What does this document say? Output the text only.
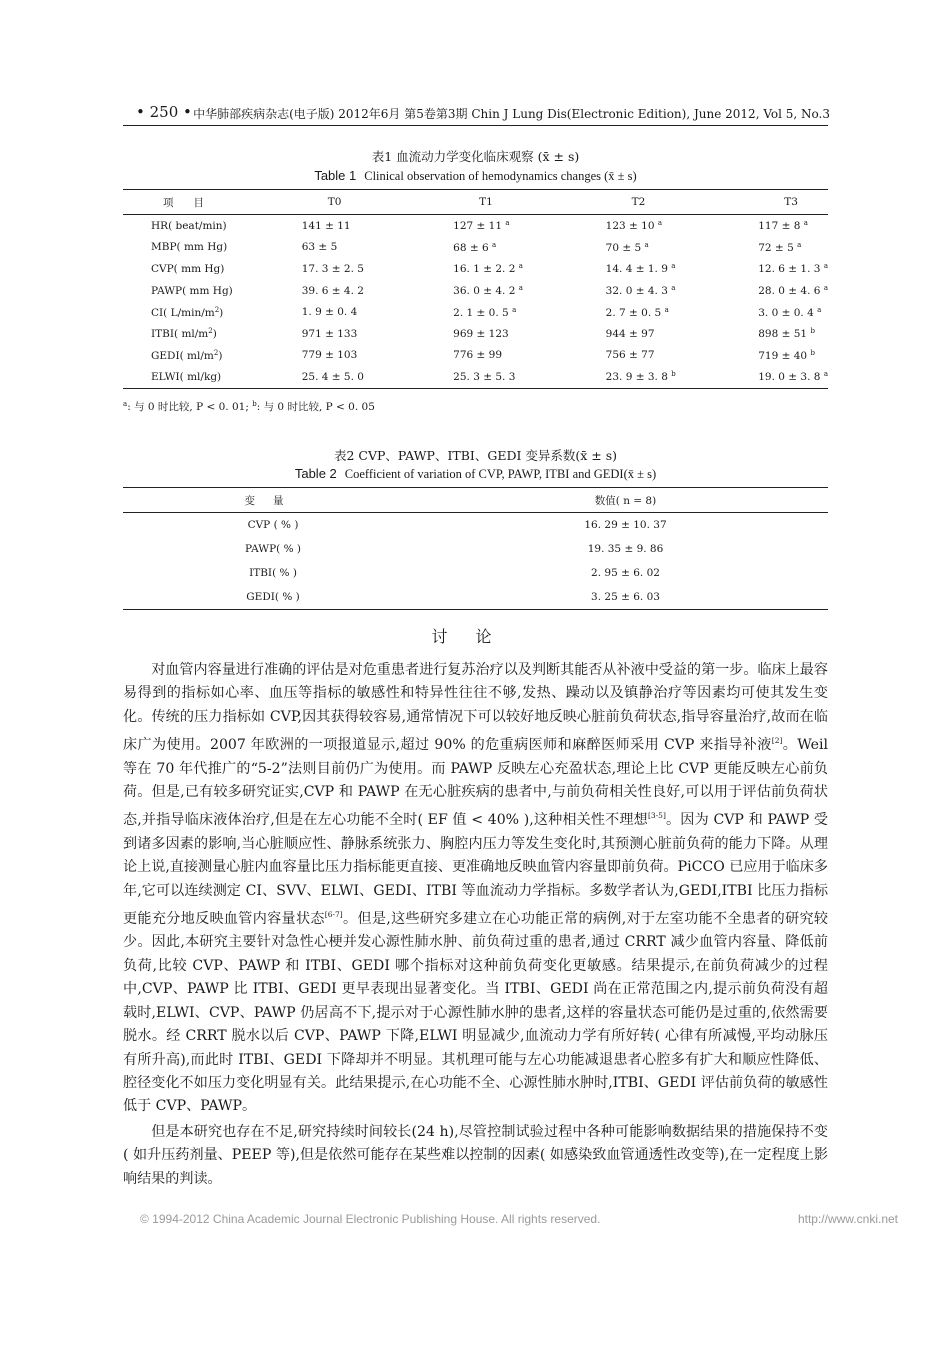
• 250 • 中华肺部疾病杂志(电子版) 2012年6月 第5卷第3期 Chin J Lung Dis(Electronic Edition), June 2012, Vol 5, No.3
表1 血流动力学变化临床观察 (x̄ ± s)
Table 1 Clinical observation of hemodynamics changes (x̄ ± s)
项目	T0	T1	T2	T3
HR( beat/min)	141 ± 11	127 ± 11 $^a$	123 ± 10 $^a$	117 ± 8 $^a$
MBP( mm Hg)	63 ± 5	68 ± 6 $^a$	70 ± 5 $^a$	72 ± 5 $^a$
CVP( mm Hg)	17. 3 ± 2. 5	16. 1 ± 2. 2 $^a$	14. 4 ± 1. 9 $^a$	12. 6 ± 1. 3 $^a$
PAWP( mm Hg)	39. 6 ± 4. 2	36. 0 ± 4. 2 $^a$	32. 0 ± 4. 3 $^a$	28. 0 ± 4. 6 $^a$
CI( $L/\min/m^2$)	1. 9 ± 0. 4	2. 1 ± 0. 5 $^a$	2. 7 ± 0. 5 $^a$	3. 0 ± 0. 4 $^a$
ITBI( $ml/m^2$)	971 ± 133	969 ± 123	944 ± 97	898 ± 51 $^b$
GEDI( $ml/m^2$)	779 ± 103	776 ± 99	756 ± 77	719 ± 40 $^b$
ELWI( ml/kg)	25. 4 ± 5. 0	25. 3 ± 5. 3	23. 9 ± 3. 8 $^b$	19. 0 ± 3. 8 $^a$
$^a$: 与 0 时比较, P < 0. 01; $^b$: 与 0 时比较, P < 0. 05
表2 CVP、PAWP、ITBI、GEDI 变异系数(x̄ ± s)
Table 2 Coefficient of variation of CVP, PAWP, ITBI and GEDI(x̄ ± s)
变量	数值( n = 8)
CVP ( % )	16. 29 ± 10. 37
PAWP( % )	19. 35 ± 9. 86
ITBI( % )	2. 95 ± 6. 02
GEDI( % )	3. 25 ± 6. 03
讨论

对血管内容量进行准确的评估是对危重患者进行复苏治疗以及判断其能否从补液中受益的第一步。临床上最容易得到的指标如心率、血压等指标的敏感性和特异性往往不够,发热、躁动以及镇静治疗等因素均可使其发生变化。传统的压力指标如 CVP,因其获得较容易,通常情况下可以较好地反映心脏前负荷状态,指导容量治疗,故而在临床广为使用。2007 年欧洲的一项报道显示,超过 90% 的危重病医师和麻醉医师采用 CVP 来指导补液[2]。Weil 等在 70 年代推广的“5-2”法则目前仍广为使用。而 PAWP 反映左心充盈状态,理论上比 CVP 更能反映左心前负荷。但是,已有较多研究证实,CVP 和 PAWP 在无心脏疾病的患者中,与前负荷相关性良好,可以用于评估前负荷状态,并指导临床液体治疗,但是在左心功能不全时( EF 值 < 40% ),这种相关性不理想[3-5]。因为 CVP 和 PAWP 受到诸多因素的影响,当心脏顺应性、静脉系统张力、胸腔内压力等发生变化时,其预测心脏前负荷的能力下降。从理论上说,直接测量心脏内血容量比压力指标能更直接、更准确地反映血管内容量即前负荷。PiCCO 已应用于临床多年,它可以连续测定 CI、SVV、ELWI、GEDI、ITBI 等血流动力学指标。多数学者认为,GEDI,ITBI 比压力指标更能充分地反映血管内容量状态[6-7]。但是,这些研究多建立在心功能正常的病例,对于左室功能不全患者的研究较少。因此,本研究主要针对急性心梗并发心源性肺水肿、前负荷过重的患者,通过 CRRT 减少血管内容量、降低前负荷,比较 CVP、PAWP 和 ITBI、GEDI 哪个指标对这种前负荷变化更敏感。结果提示,在前负荷减少的过程中,CVP、PAWP 比 ITBI、GEDI 更早表现出显著变化。当 ITBI、GEDI 尚在正常范围之内,提示前负荷没有超载时,ELWI、CVP、PAWP 仍居高不下,提示对于心源性肺水肿的患者,这样的容量状态可能仍是过重的,依然需要脱水。经 CRRT 脱水以后 CVP、PAWP 下降,ELWI 明显减少,血流动力学有所好转( 心律有所减慢,平均动脉压有所升高),而此时 ITBI、GEDI 下降却并不明显。其机理可能与左心功能减退患者心腔多有扩大和顺应性降低、腔径变化不如压力变化明显有关。此结果提示,在心功能不全、心源性肺水肿时,ITBI、GEDI 评估前负荷的敏感性低于 CVP、PAWP。

但是本研究也存在不足,研究持续时间较长(24 h),尽管控制试验过程中各种可能影响数据结果的措施保持不变( 如升压药剂量、PEEP 等),但是依然可能存在某些难以控制的因素( 如感染致血管通透性改变等),在一定程度上影响结果的判读。

© 1994-2012 China Academic Journal Electronic Publishing House. All rights reserved.	http://www.cnki.net
